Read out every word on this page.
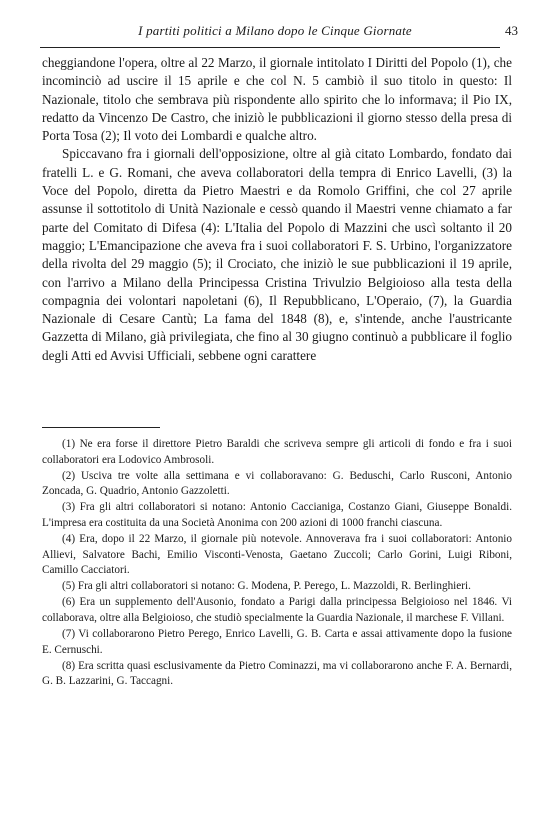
I partiti politici a Milano dopo le Cinque Giornate	43

cheggiandone l'opera, oltre al 22 Marzo, il giornale intitolato I Diritti del Popolo (1), che incominciò ad uscire il 15 aprile e che col N. 5 cambiò il suo titolo in questo: Il Nazionale, titolo che sembrava più rispondente allo spirito che lo informava; il Pio IX, redatto da Vincenzo De Castro, che iniziò le pubblicazioni il giorno stesso della presa di Porta Tosa (2); Il voto dei Lombardi e qualche altro.

Spiccavano fra i giornali dell'opposizione, oltre al già citato Lombardo, fondato dai fratelli L. e G. Romani, che aveva collaboratori della tempra di Enrico Lavelli, (3) la Voce del Popolo, diretta da Pietro Maestri e da Romolo Griffini, che col 27 aprile assunse il sottotitolo di Unità Nazionale e cessò quando il Maestri venne chiamato a far parte del Comitato di Difesa (4): L'Italia del Popolo di Mazzini che uscì soltanto il 20 maggio; L'Emancipazione che aveva fra i suoi collaboratori F. S. Urbino, l'organizzatore della rivolta del 29 maggio (5); il Crociato, che iniziò le sue pubblicazioni il 19 aprile, con l'arrivo a Milano della Principessa Cristina Trivulzio Belgioioso alla testa della compagnia dei volontari napoletani (6), Il Repubblicano, L'Operaio, (7), la Guardia Nazionale di Cesare Cantù; La fama del 1848 (8), e, s'intende, anche l'austricante Gazzetta di Milano, già privilegiata, che fino al 30 giugno continuò a pubblicare il foglio degli Atti ed Avvisi Ufficiali, sebbene ogni carattere

(1) Ne era forse il direttore Pietro Baraldi che scriveva sempre gli articoli di fondo e fra i suoi collaboratori era Lodovico Ambrosoli.

(2) Usciva tre volte alla settimana e vi collaboravano: G. Beduschi, Carlo Rusconi, Antonio Zoncada, G. Quadrio, Antonio Gazzoletti.

(3) Fra gli altri collaboratori si notano: Antonio Caccianiga, Costanzo Giani, Giuseppe Bonaldi. L'impresa era costituita da una Società Anonima con 200 azioni di 1000 franchi ciascuna.

(4) Era, dopo il 22 Marzo, il giornale più notevole. Annoverava fra i suoi collaboratori: Antonio Allievi, Salvatore Bachi, Emilio Visconti-Venosta, Gaetano Zuccoli; Carlo Gorini, Luigi Riboni, Camillo Cacciatori.

(5) Fra gli altri collaboratori si notano: G. Modena, P. Perego, L. Mazzoldi, R. Berlinghieri.

(6) Era un supplemento dell'Ausonio, fondato a Parigi dalla principessa Belgioioso nel 1846. Vi collaborava, oltre alla Belgioioso, che studiò specialmente la Guardia Nazionale, il marchese F. Villani.

(7) Vi collaborarono Pietro Perego, Enrico Lavelli, G. B. Carta e assai attivamente dopo la fusione E. Cernuschi.

(8) Era scritta quasi esclusivamente da Pietro Cominazzi, ma vi collaborarono anche F. A. Bernardi, G. B. Lazzarini, G. Taccagni.
